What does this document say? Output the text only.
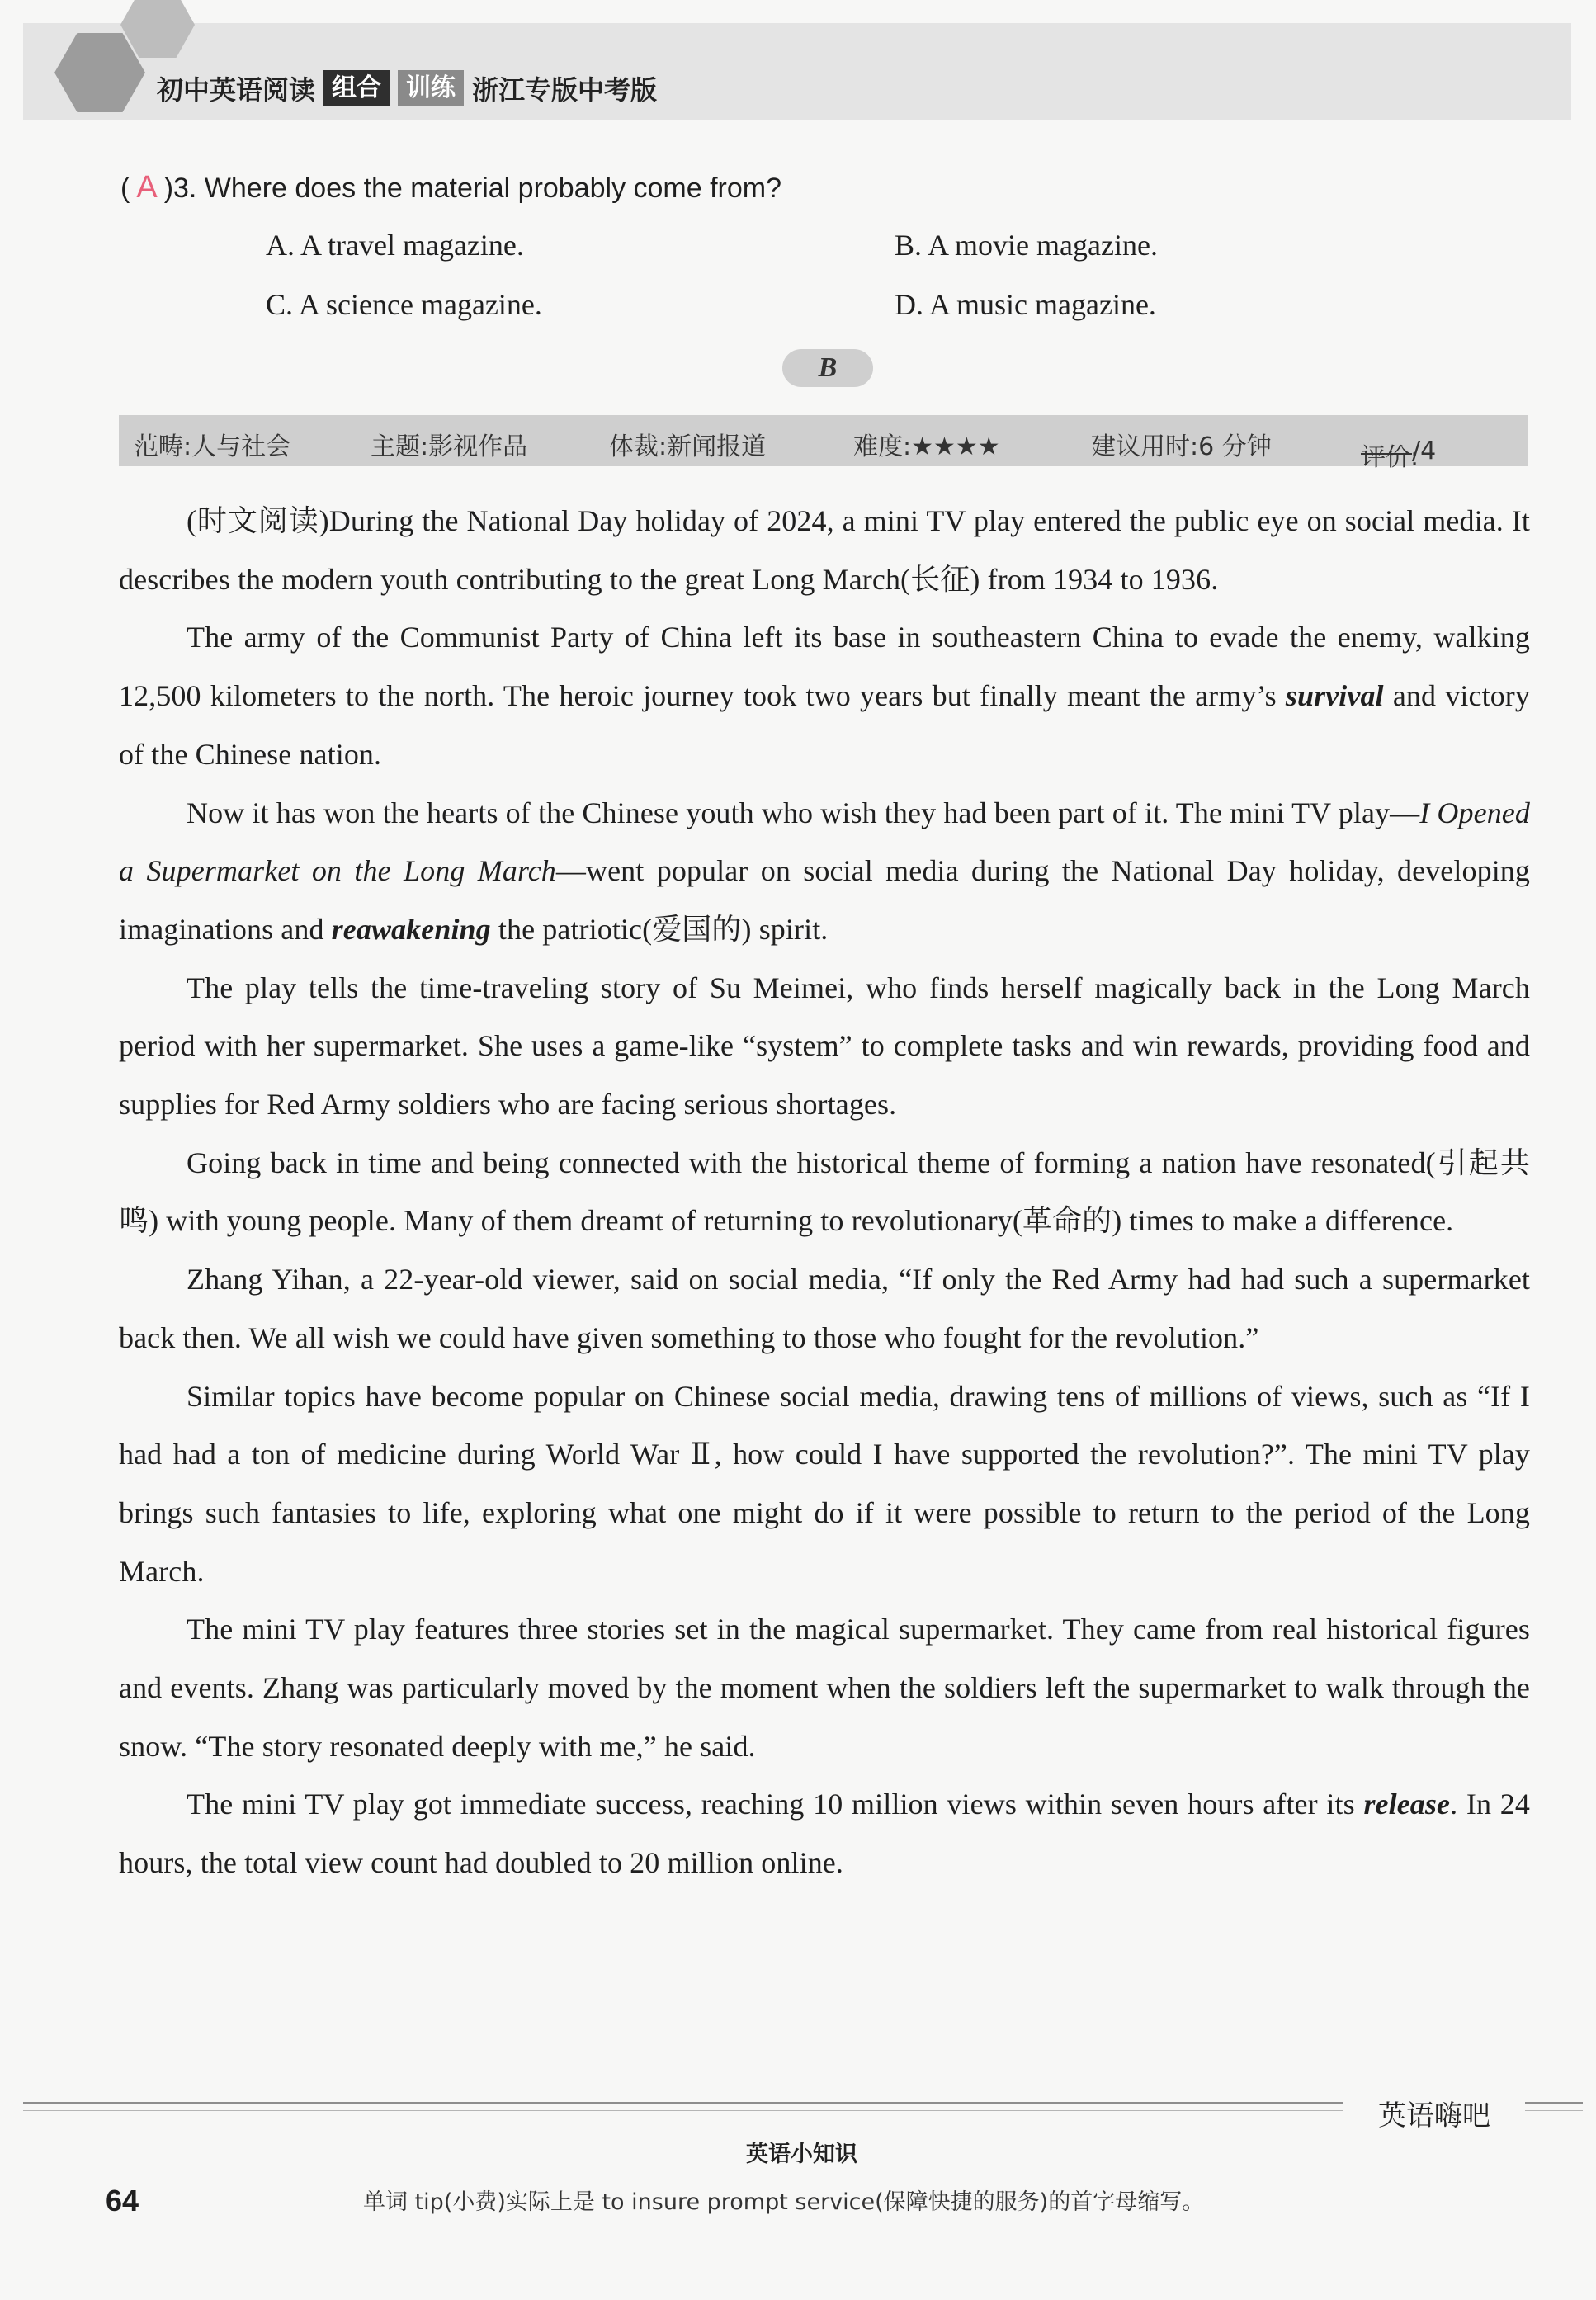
初中英语阅读 组合	训练 浙江专版中考版
( A )3. Where does the material probably come from?
A. A travel magazine.	B. A movie magazine.
C. A science magazine.	D. A music magazine.
B
范畴:人与社会	主题:影视作品	体裁:新闻报道	难度:★★★★	建议用时:6 分钟	评价:
/4

(时文阅读)During the National Day holiday of 2024, a mini TV play entered the public eye on social media. It describes the modern youth contributing to the great Long March(长征) from 1934 to 1936.

The army of the Communist Party of China left its base in southeastern China to evade the enemy, walking 12,500 kilometers to the north. The heroic journey took two years but finally meant the army’s survival and victory of the Chinese nation.

Now it has won the hearts of the Chinese youth who wish they had been part of it. The mini TV play—I Opened a Supermarket on the Long March—went popular on social media during the National Day holiday, developing imaginations and reawakening the patriotic(爱国的) spirit.

The play tells the time-traveling story of Su Meimei, who finds herself magically back in the Long March period with her supermarket. She uses a game-like “system” to complete tasks and win rewards, providing food and supplies for Red Army soldiers who are facing serious shortages.

Going back in time and being connected with the historical theme of forming a nation have resonated(引起共鸣) with young people. Many of them dreamt of returning to revolutionary(革命的) times to make a difference.

Zhang Yihan, a 22-year-old viewer, said on social media, “If only the Red Army had had such a supermarket back then. We all wish we could have given something to those who fought for the revolution.”

Similar topics have become popular on Chinese social media, drawing tens of millions of views, such as “If I had had a ton of medicine during World War Ⅱ, how could I have supported the revolution?”. The mini TV play brings such fantasies to life, exploring what one might do if it were possible to return to the period of the Long March.

The mini TV play features three stories set in the magical supermarket. They came from real historical figures and events. Zhang was particularly moved by the moment when the soldiers left the supermarket to walk through the snow. “The story resonated deeply with me,” he said.

The mini TV play got immediate success, reaching 10 million views within seven hours after its release. In 24 hours, the total view count had doubled to 20 million online.

英语嗨吧
英语小知识
64	单词 tip(小费)实际上是 to insure prompt service(保障快捷的服务)的首字母缩写。
